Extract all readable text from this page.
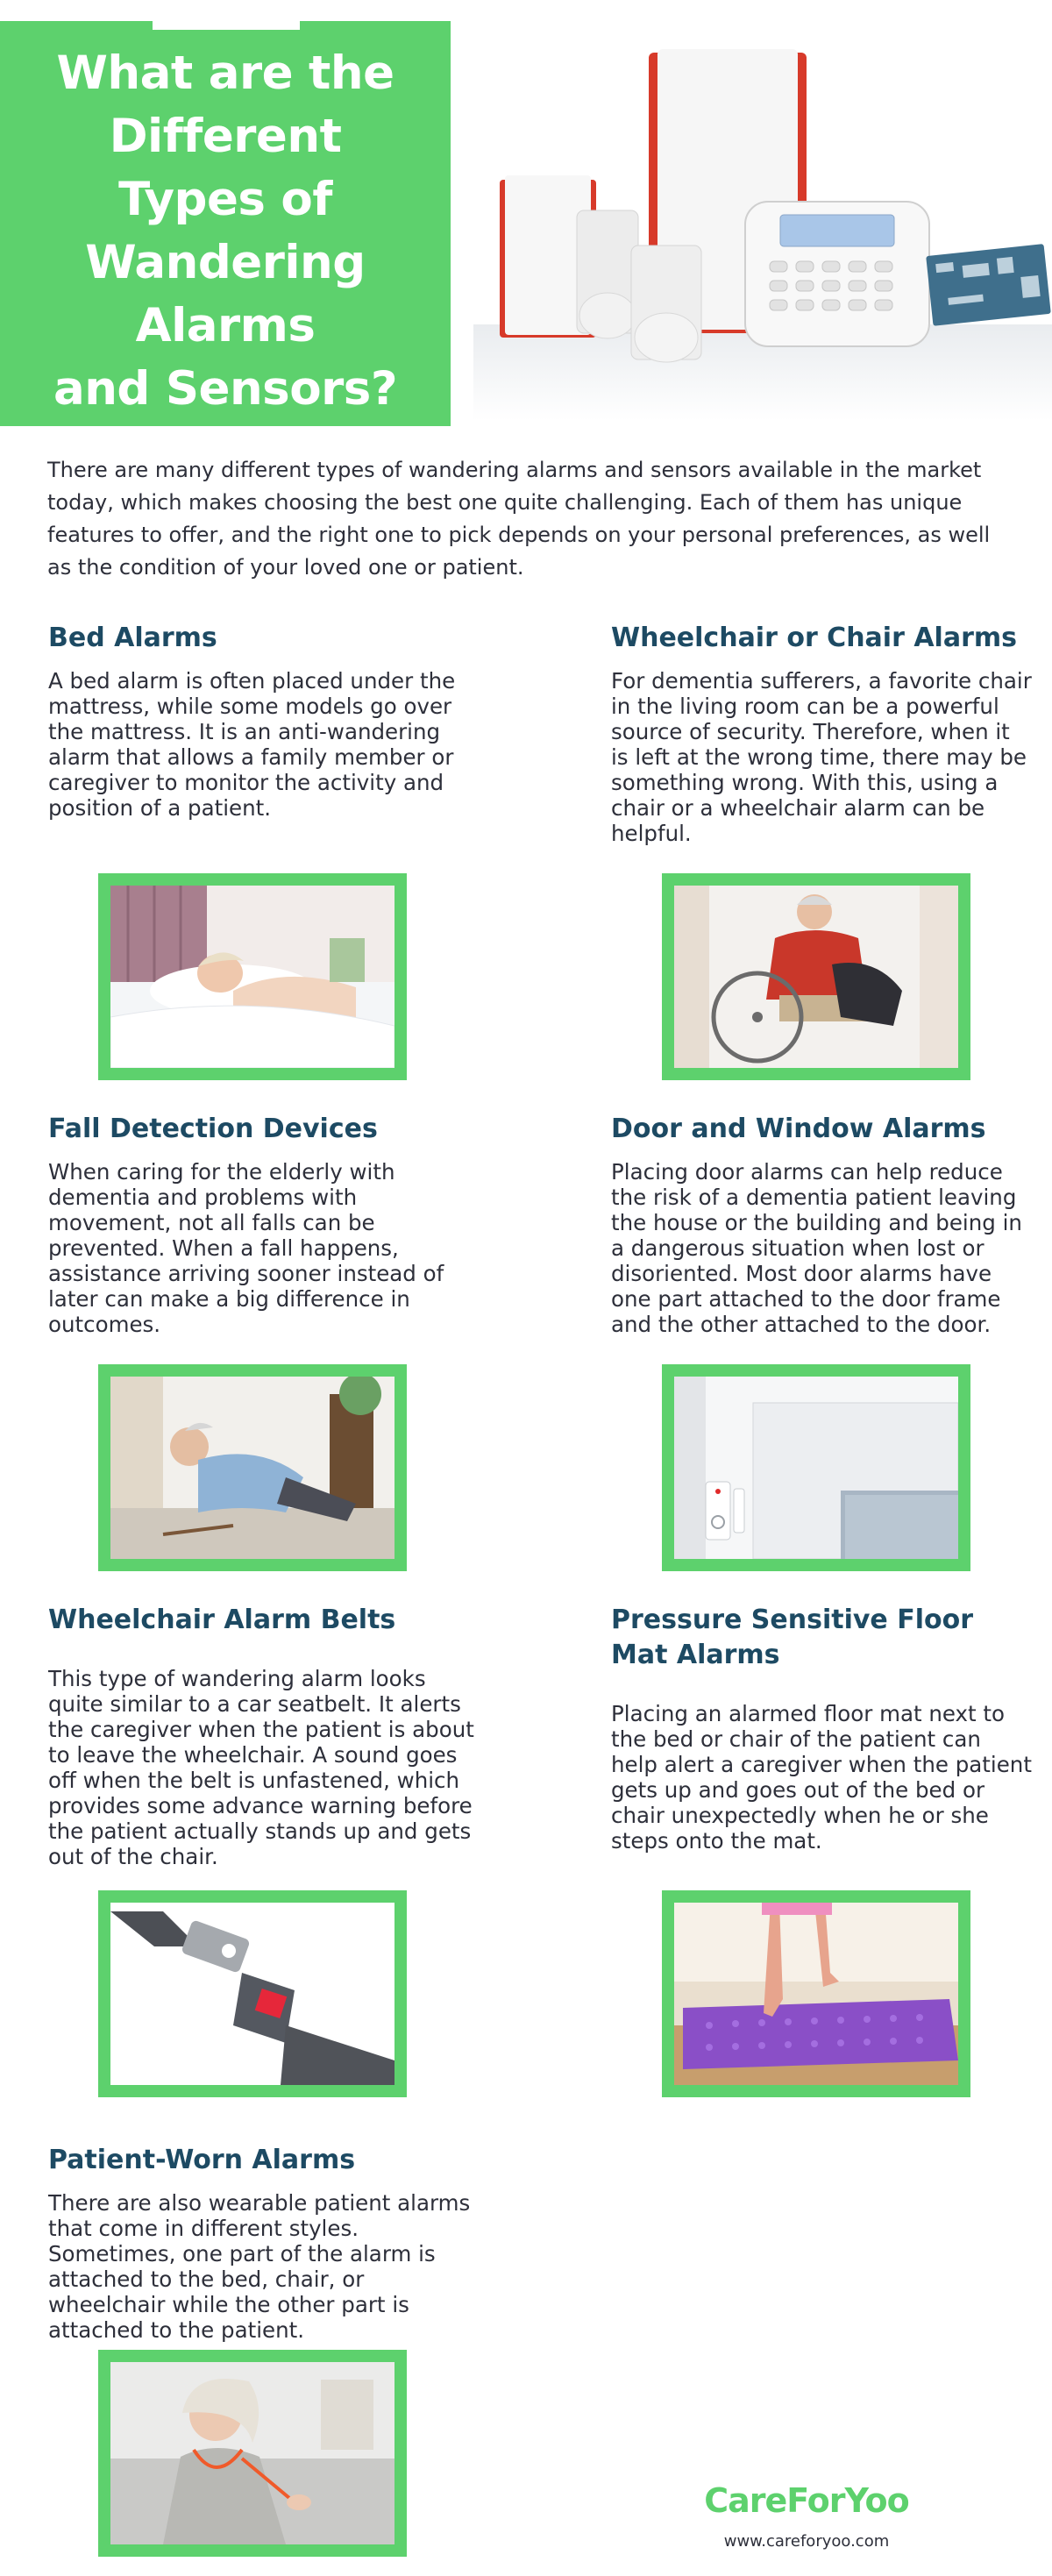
What are the
Different
Types of
Wandering
Alarms
and Sensors?
There are many different types of wandering alarms and sensors available in the market today, which makes choosing the best one quite challenging. Each of them has unique features to offer, and the right one to pick depends on your personal preferences, as well as the condition of your loved one or patient.
Bed Alarms

A bed alarm is often placed under the mattress, while some models go over the mattress. It is an anti-wandering alarm that allows a family member or caregiver to monitor the activity and position of a patient.

Wheelchair or Chair Alarms

For dementia sufferers, a favorite chair in the living room can be a powerful source of security. Therefore, when it is left at the wrong time, there may be something wrong. With this, using a chair or a wheelchair alarm can be helpful.

Fall Detection Devices

When caring for the elderly with dementia and problems with movement, not all falls can be prevented. When a fall happens, assistance arriving sooner instead of later can make a big difference in outcomes.

Door and Window Alarms

Placing door alarms can help reduce the risk of a dementia patient leaving the house or the building and being in a dangerous situation when lost or disoriented. Most door alarms have one part attached to the door frame and the other attached to the door.

Wheelchair Alarm Belts

This type of wandering alarm looks quite similar to a car seatbelt. It alerts the caregiver when the patient is about to leave the wheelchair. A sound goes off when the belt is unfastened, which provides some advance warning before the patient actually stands up and gets out of the chair.

Pressure Sensitive Floor Mat Alarms

Placing an alarmed floor mat next to the bed or chair of the patient can help alert a caregiver when the patient gets up and goes out of the bed or chair unexpectedly when he or she steps onto the mat.

Patient-Worn Alarms

There are also wearable patient alarms that come in different styles. Sometimes, one part of the alarm is attached to the bed, chair, or wheelchair while the other part is attached to the patient.

CareForYoo
www.careforyoo.com
